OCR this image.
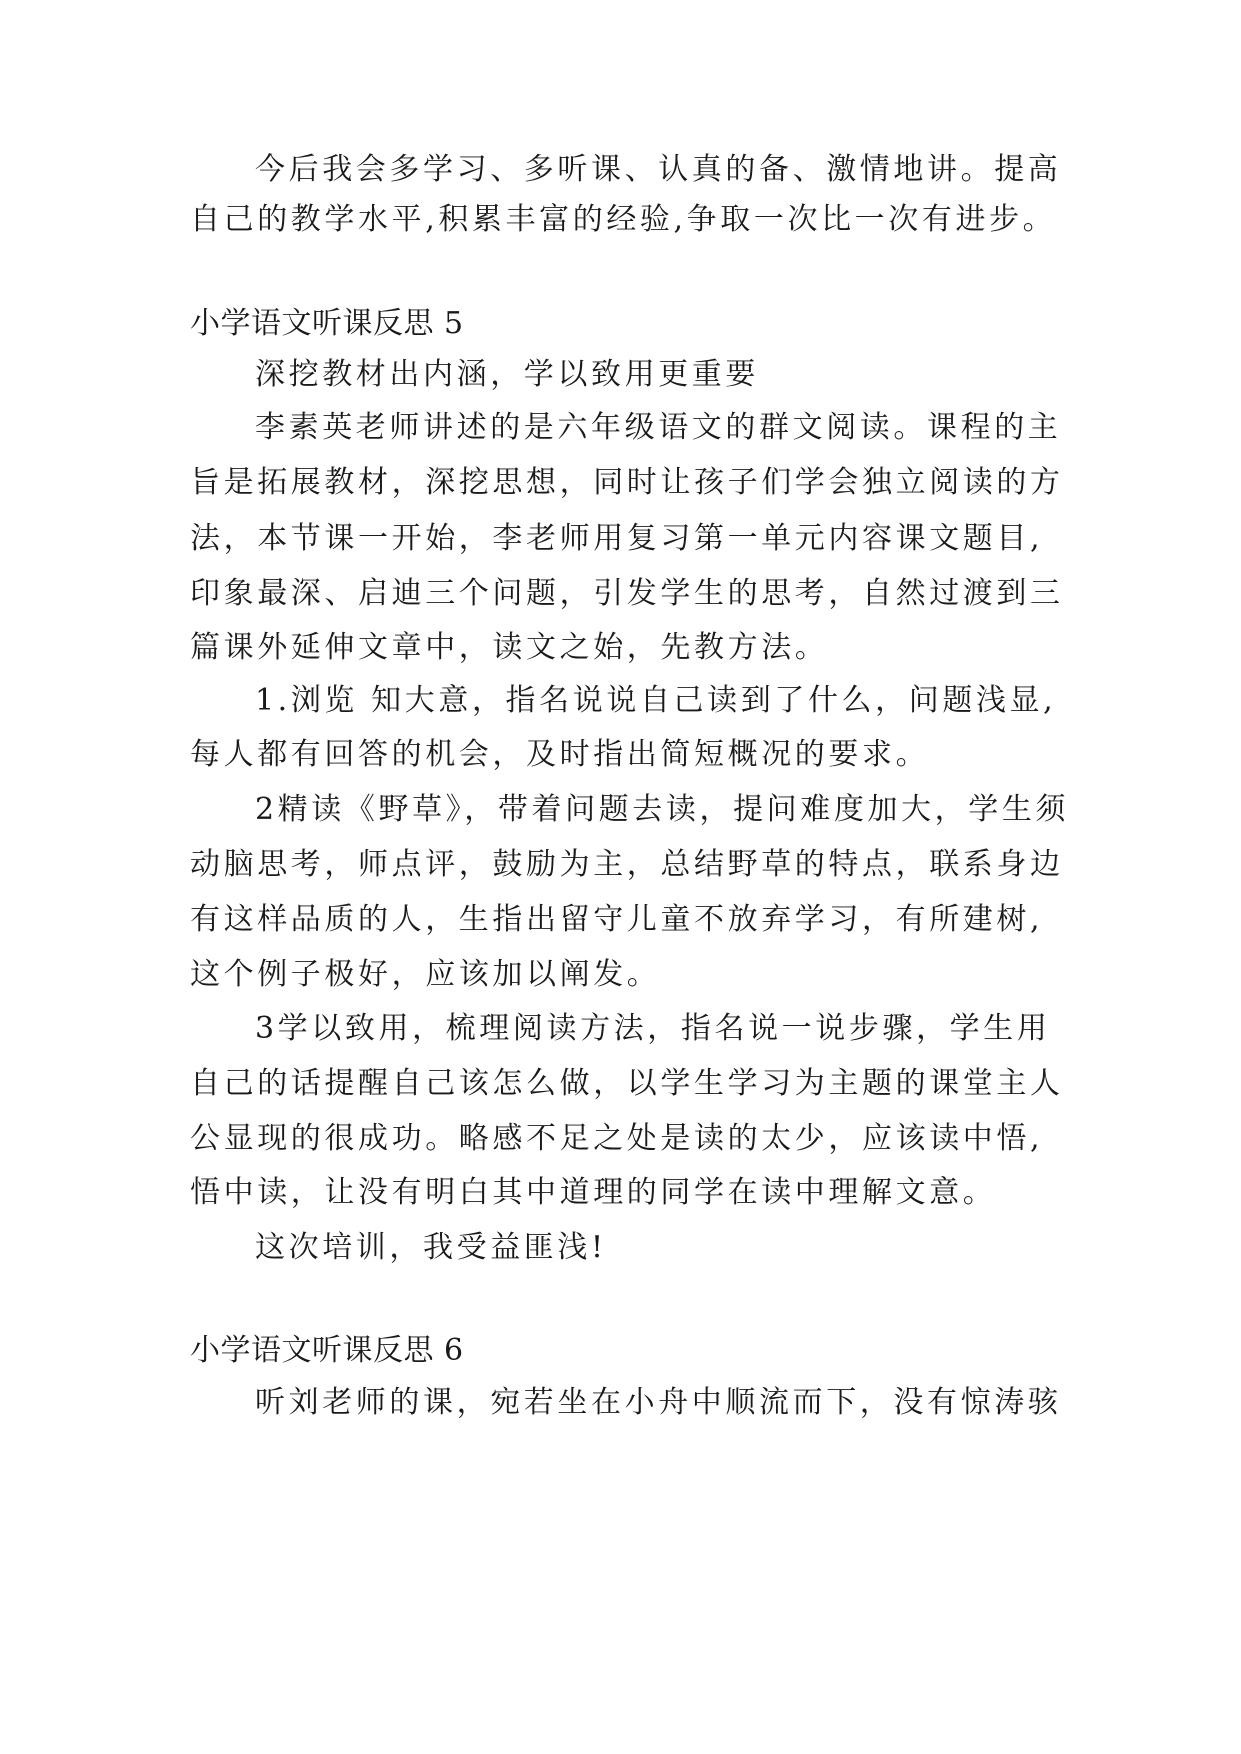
今后我会多学习、多听课、认真的备、激情地讲。提高
自己的教学水平,积累丰富的经验,争取一次比一次有进步。
小学语文听课反思 5
深挖教材出内涵，学以致用更重要
李素英老师讲述的是六年级语文的群文阅读。课程的主
旨是拓展教材，深挖思想，同时让孩子们学会独立阅读的方
法，本节课一开始，李老师用复习第一单元内容课文题目,
印象最深、启迪三个问题，引发学生的思考，自然过渡到三
篇课外延伸文章中，读文之始，先教方法。
1.浏览 知大意，指名说说自己读到了什么，问题浅显,
每人都有回答的机会，及时指出简短概况的要求。
2精读《野草》，带着问题去读，提问难度加大，学生须
动脑思考，师点评，鼓励为主，总结野草的特点，联系身边
有这样品质的人，生指出留守儿童不放弃学习，有所建树,
这个例子极好，应该加以阐发。
3学以致用，梳理阅读方法，指名说一说步骤，学生用
自己的话提醒自己该怎么做，以学生学习为主题的课堂主人
公显现的很成功。略感不足之处是读的太少，应该读中悟,
悟中读，让没有明白其中道理的同学在读中理解文意。
这次培训，我受益匪浅!
小学语文听课反思 6
听刘老师的课，宛若坐在小舟中顺流而下，没有惊涛骇
